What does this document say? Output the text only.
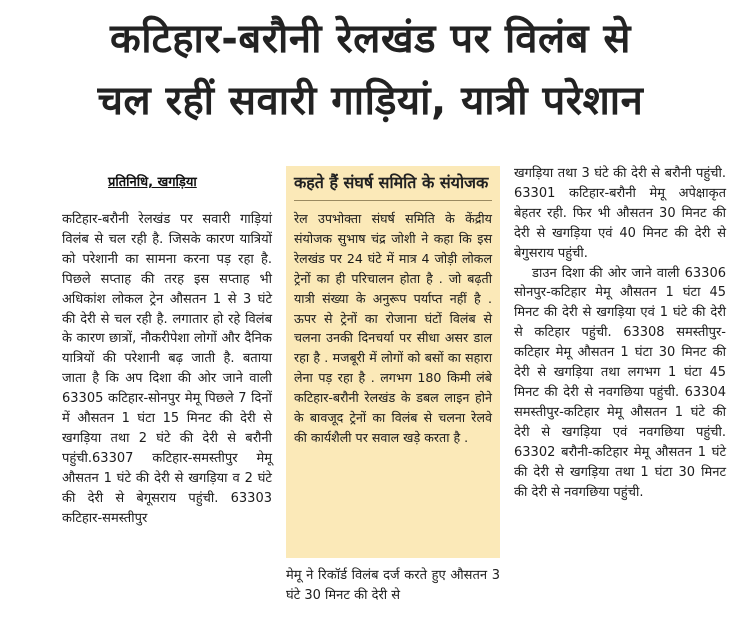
कटिहार-बरौनी रेलखंड पर विलंब से
चल रहीं सवारी गाड़ियां, यात्री परेशान
प्रतिनिधि, खगड़िया

कटिहार-बरौनी रेलखंड पर सवारी गाड़ियां विलंब से चल रही है. जिसके कारण यात्रियों को परेशानी का सामना करना पड़ रहा है. पिछले सप्ताह की तरह इस सप्ताह भी अधिकांश लोकल ट्रेन औसतन 1 से 3 घंटे की देरी से चल रही है. लगातार हो रहे विलंब के कारण छात्रों, नौकरीपेशा लोगों और दैनिक यात्रियों की परेशानी बढ़ जाती है. बताया जाता है कि अप दिशा की ओर जाने वाली 63305 कटिहार-सोनपुर मेमू पिछले 7 दिनों में औसतन 1 घंटा 15 मिनट की देरी से खगड़िया तथा 2 घंटे की देरी से बरौनी पहुंची.63307 कटिहार-समस्तीपुर मेमू औसतन 1 घंटे की देरी से खगड़िया व 2 घंटे की देरी से बेगूसराय पहुंची. 63303 कटिहार-समस्तीपुर

कहते हैं संघर्ष समिति के संयोजक
रेल उपभोक्ता संघर्ष समिति के केंद्रीय संयोजक सुभाष चंद्र जोशी ने कहा कि इस रेलखंड पर 24 घंटे में मात्र 4 जोड़ी लोकल ट्रेनों का ही परिचालन होता है . जो बढ़ती यात्री संख्या के अनुरूप पर्याप्त नहीं है . ऊपर से ट्रेनों का रोजाना घंटों विलंब से चलना उनकी दिनचर्या पर सीधा असर डाल रहा है . मजबूरी में लोगों को बसों का सहारा लेना पड़ रहा है . लगभग 180 किमी लंबे कटिहार-बरौनी रेलखंड के डबल लाइन होने के बावजूद ट्रेनों का विलंब से चलना रेलवे की कार्यशैली पर सवाल खड़े करता है .

मेमू ने रिकॉर्ड विलंब दर्ज करते हुए औसतन 3 घंटे 30 मिनट की देरी से

खगड़िया तथा 3 घंटे की देरी से बरौनी पहुंची. 63301 कटिहार-बरौनी मेमू अपेक्षाकृत बेहतर रही. फिर भी औसतन 30 मिनट की देरी से खगड़िया एवं 40 मिनट की देरी से बेगुसराय पहुंची.

डाउन दिशा की ओर जाने वाली 63306 सोनपुर-कटिहार मेमू औसतन 1 घंटा 45 मिनट की देरी से खगड़िया एवं 1 घंटे की देरी से कटिहार पहुंची. 63308 समस्तीपुर-कटिहार मेमू औसतन 1 घंटा 30 मिनट की देरी से खगड़िया तथा लगभग 1 घंटा 45 मिनट की देरी से नवगछिया पहुंची. 63304 समस्तीपुर-कटिहार मेमू औसतन 1 घंटे की देरी से खगड़िया एवं नवगछिया पहुंची. 63302 बरौनी-कटिहार मेमू औसतन 1 घंटे की देरी से खगड़िया तथा 1 घंटा 30 मिनट की देरी से नवगछिया पहुंची.
